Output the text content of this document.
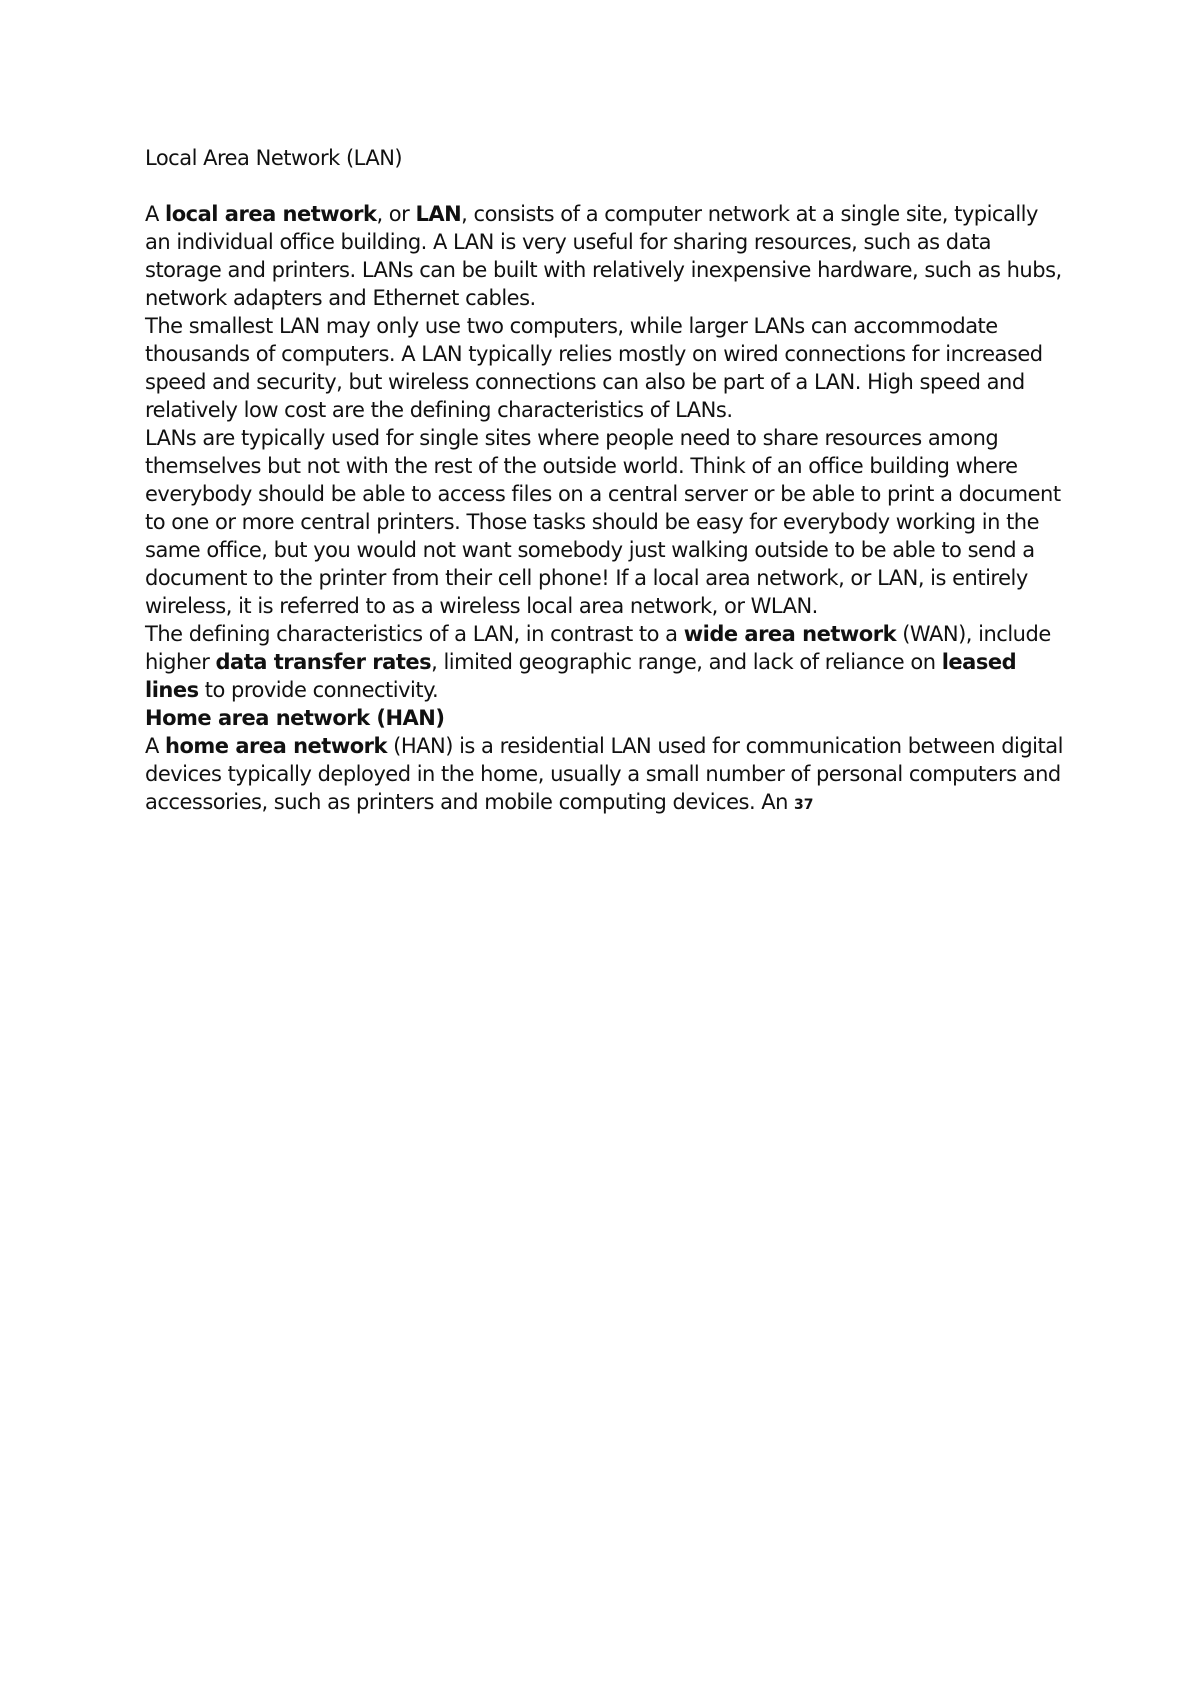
Local Area Network (LAN)

A local area network, or LAN, consists of a computer network at a single site, typically an individual office building. A LAN is very useful for sharing resources, such as data storage and printers. LANs can be built with relatively inexpensive hardware, such as hubs, network adapters and Ethernet cables.

The smallest LAN may only use two computers, while larger LANs can accommodate thousands of computers. A LAN typically relies mostly on wired connections for increased speed and security, but wireless connections can also be part of a LAN. High speed and relatively low cost are the defining characteristics of LANs.

LANs are typically used for single sites where people need to share resources among themselves but not with the rest of the outside world. Think of an office building where everybody should be able to access files on a central server or be able to print a document to one or more central printers. Those tasks should be easy for everybody working in the same office, but you would not want somebody just walking outside to be able to send a document to the printer from their cell phone! If a local area network, or LAN, is entirely wireless, it is referred to as a wireless local area network, or WLAN.

The defining characteristics of a LAN, in contrast to a wide area network (WAN), include higher data transfer rates, limited geographic range, and lack of reliance on leased lines to provide connectivity.

Home area network (HAN)

A home area network (HAN) is a residential LAN used for communication between digital devices typically deployed in the home, usually a small number of personal computers and accessories, such as printers and mobile computing devices. An 37
